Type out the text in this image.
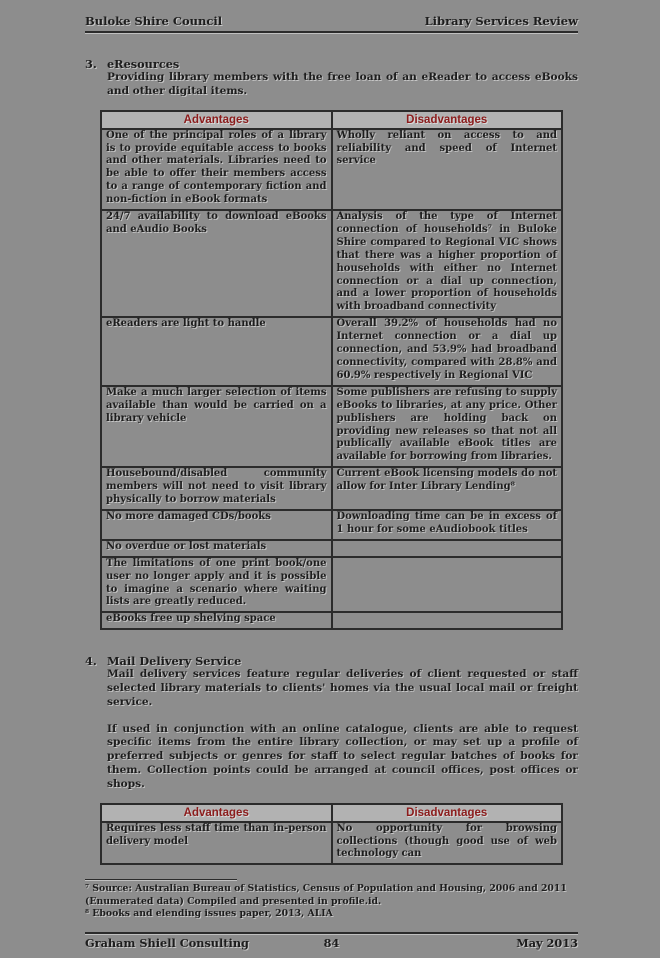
Buloke Shire Council	Library Services Review
3. eResources

Providing library members with the free loan of an eReader to access eBooks and other digital items.

Advantages	Disadvantages
One of the principal roles of a library is to provide equitable access to books and other materials. Libraries need to be able to offer their members access to a range of contemporary fiction and non-fiction in eBook formats	Wholly reliant on access to and reliability and speed of Internet service
24/7 availability to download eBooks and eAudio Books	Analysis of the type of Internet connection of households⁷ in Buloke Shire compared to Regional VIC shows that there was a higher proportion of households with either no Internet connection or a dial up connection, and a lower proportion of households with broadband connectivity
eReaders are light to handle	Overall 39.2% of households had no Internet connection or a dial up connection, and 53.9% had broadband connectivity, compared with 28.8% and 60.9% respectively in Regional VIC
Make a much larger selection of items available than would be carried on a library vehicle	Some publishers are refusing to supply eBooks to libraries, at any price. Other publishers are holding back on providing new releases so that not all publically available eBook titles are available for borrowing from libraries.
Housebound/disabled community members will not need to visit library physically to borrow materials	Current eBook licensing models do not allow for Inter Library Lending⁸
No more damaged CDs/books	Downloading time can be in excess of 1 hour for some eAudiobook titles
No overdue or lost materials	
The limitations of one print book/one user no longer apply and it is possible to imagine a scenario where waiting lists are greatly reduced.	
eBooks free up shelving space	
4. Mail Delivery Service

Mail delivery services feature regular deliveries of client requested or staff selected library materials to clients' homes via the usual local mail or freight service.

If used in conjunction with an online catalogue, clients are able to request specific items from the entire library collection, or may set up a profile of preferred subjects or genres for staff to select regular batches of books for them. Collection points could be arranged at council offices, post offices or shops.

Advantages	Disadvantages
Requires less staff time than in-person delivery model	No opportunity for browsing collections (though good use of web technology can
⁷ Source: Australian Bureau of Statistics, Census of Population and Housing, 2006 and 2011 (Enumerated data) Compiled and presented in profile.id.
⁸ Ebooks and elending issues paper, 2013, ALIA
Graham Shiell Consulting	84	May 2013
